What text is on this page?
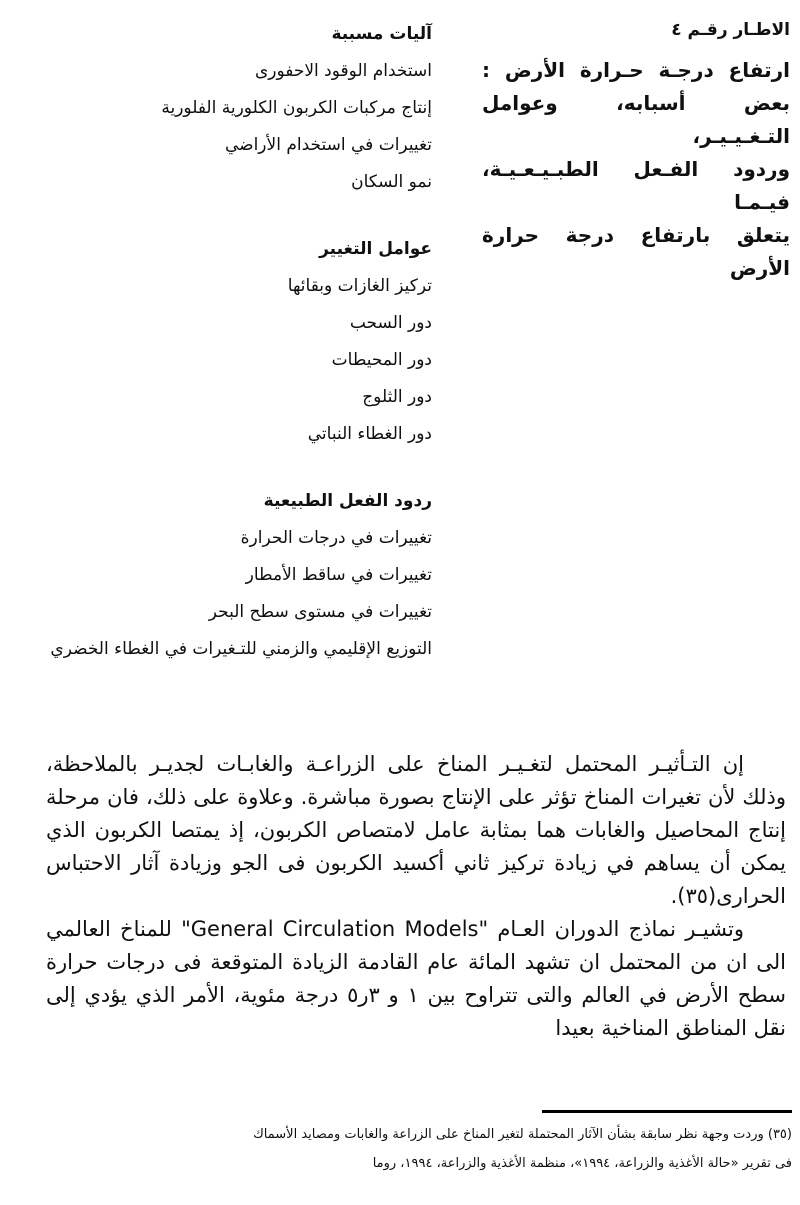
الاطـار رقـم ٤
ارتفاع درجـة حـرارة الأرض :
بعض أسبابه، وعوامل التـغـيـيـر،
وردود الفـعل الطبـيـعـيـة، فيـمـا
يتعلق بارتفاع درجة حرارة الأرض
آليات مسببة
استخدام الوقود الاحفورى
إنتاج مركبات الكربون الكلورية الفلورية
تغييرات في استخدام الأراضي
نمو السكان
عوامل التغيير
تركيز الغازات وبقائها
دور السحب
دور المحيطات
دور الثلوج
دور الغطاء النباتي
ردود الفعل الطبيعية
تغييرات في درجات الحرارة
تغييرات في ساقط الأمطار
تغييرات في مستوى سطح البحر
التوزيع الإقليمي والزمني للتـغيرات في الغطاء الخضري

إن التـأثيـر المحتمل لتغـيـر المناخ على الزراعـة والغابـات لجديـر بالملاحظة، وذلك لأن تغيرات المناخ تؤثر على الإنتاج بصورة مباشرة. وعلاوة على ذلك، فان مرحلة إنتاج المحاصيل والغابات هما بمثابة عامل لامتصاص الكربون، إذ يمتصا الكربون الذي يمكن أن يساهم في زيادة تركيز ثاني أكسيد الكربون فى الجو وزيادة آثار الاحتباس الحرارى(٣٥).

وتشيـر نماذج الدوران العـام "General Circulation Models" للمناخ العالمي الى ان من المحتمل ان تشهد المائة عام القادمة الزيادة المتوقعة فى درجات حرارة سطح الأرض في العالم والتى تتراوح بين ١ و ٣ر٥ درجة مئوية، الأمر الذي يؤدي إلى نقل المناطق المناخية بعيدا

(٣٥) وردت وجهة نظر سابقة بشأن الآثار المحتملة لتغير المناخ على الزراعة والغابات ومصايد الأسماك
فى تقرير «حالة الأغذية والزراعة، ١٩٩٤»، منظمة الأغذية والزراعة، ١٩٩٤، روما
